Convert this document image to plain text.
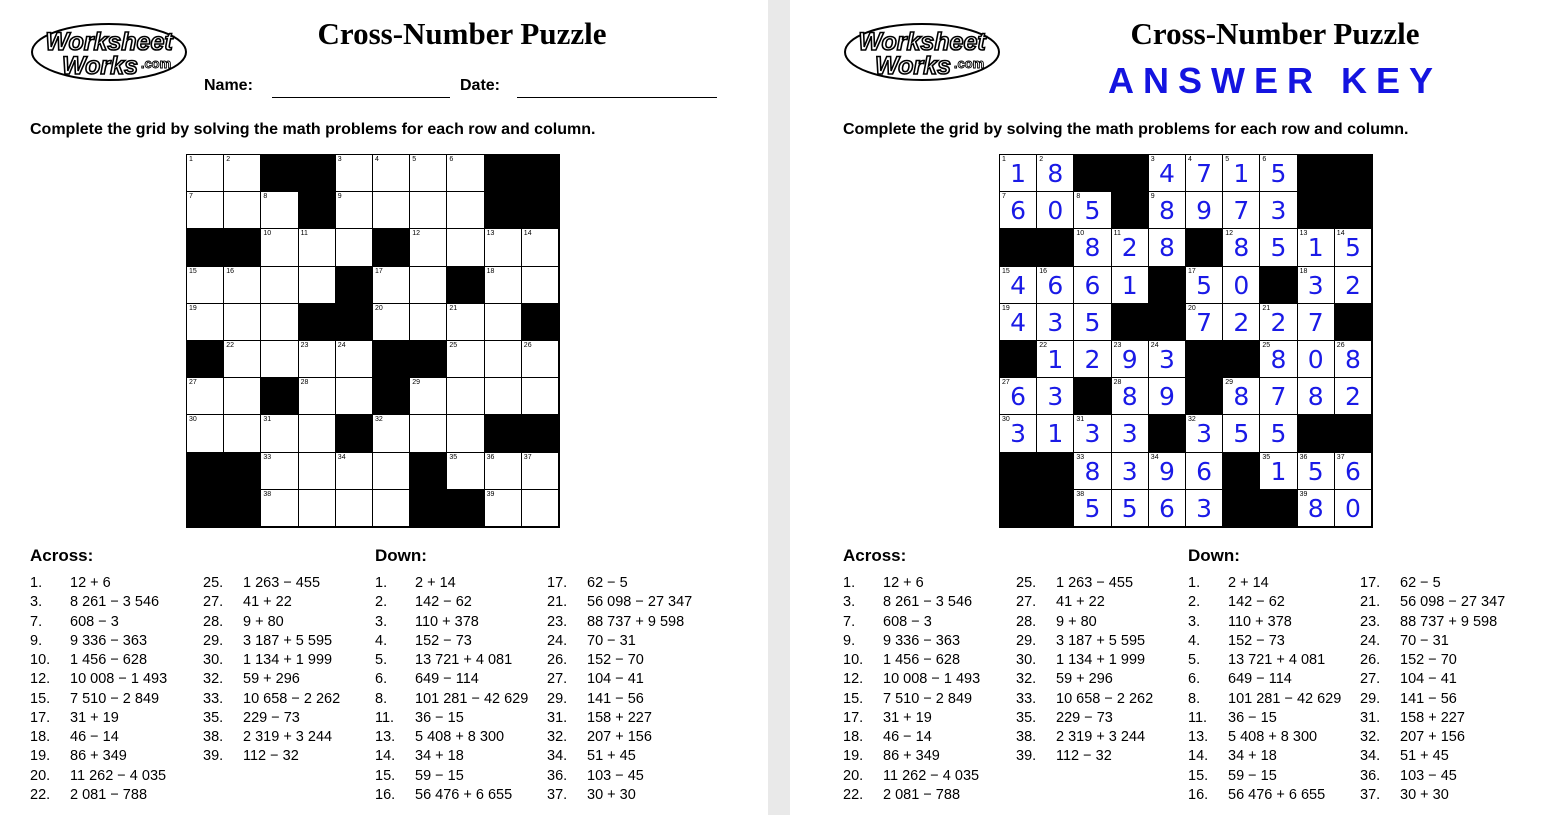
Worksheet
Works .com
Cross-Number Puzzle
Name:	Date:
Complete the grid by solving the math problems for each row and column.
1	2	3	4	5	6
7	8	9
10	11	12	13	14
15	16	17	18
19	20	21
22	23	24	25	26
27	28	29
30	31	32
33	34	35	36	37
38	39
Across:	Down:
1. 12 + 6
3. 8 261 − 3 546
7. 608 − 3
9. 9 336 − 363
10. 1 456 − 628
12. 10 008 − 1 493
15. 7 510 − 2 849
17. 31 + 19
18. 46 − 14
19. 86 + 349
20. 11 262 − 4 035
22. 2 081 − 788
25. 1 263 − 455
27. 41 + 22
28. 9 + 80
29. 3 187 + 5 595
30. 1 134 + 1 999
32. 59 + 296
33. 10 658 − 2 262
35. 229 − 73
38. 2 319 + 3 244
39. 112 − 32
1. 2 + 14
2. 142 − 62
3. 110 + 378
4. 152 − 73
5. 13 721 + 4 081
6. 649 − 114
8. 101 281 − 42 629
11. 36 − 15
13. 5 408 + 8 300
14. 34 + 18
15. 59 − 15
16. 56 476 + 6 655
17. 62 − 5
21. 56 098 − 27 347
23. 88 737 + 9 598
24. 70 − 31
26. 152 − 70
27. 104 − 41
29. 141 − 56
31. 158 + 227
32. 207 + 156
34. 51 + 45
36. 103 − 45
37. 30 + 30
Worksheet
Works .com
Cross-Number Puzzle
ANSWER KEY
Complete the grid by solving the math problems for each row and column.
1 1	2 8	3 4	4 7	5 1	6 5
7 6 0	8 5	9 8 9 7 3
10 8	11 2 8	12 8 5	13 1	14 5
15 4	16 6 6 1	17 5 0	18 3 2
19 4 3 5	20 7 2	21 2 7
22 1 2	23 9	24 3	25 8 0	26 8
27 6 3	28 8 9	29 8 7 8 2
30 3 1	31 3 3	32 3 5 5
33 8 3	34 9 6	35 1	36 5	37 6
38 5 5 6 3	39 8 0
Across:	Down:
1. 12 + 6
3. 8 261 − 3 546
7. 608 − 3
9. 9 336 − 363
10. 1 456 − 628
12. 10 008 − 1 493
15. 7 510 − 2 849
17. 31 + 19
18. 46 − 14
19. 86 + 349
20. 11 262 − 4 035
22. 2 081 − 788
25. 1 263 − 455
27. 41 + 22
28. 9 + 80
29. 3 187 + 5 595
30. 1 134 + 1 999
32. 59 + 296
33. 10 658 − 2 262
35. 229 − 73
38. 2 319 + 3 244
39. 112 − 32
1. 2 + 14
2. 142 − 62
3. 110 + 378
4. 152 − 73
5. 13 721 + 4 081
6. 649 − 114
8. 101 281 − 42 629
11. 36 − 15
13. 5 408 + 8 300
14. 34 + 18
15. 59 − 15
16. 56 476 + 6 655
17. 62 − 5
21. 56 098 − 27 347
23. 88 737 + 9 598
24. 70 − 31
26. 152 − 70
27. 104 − 41
29. 141 − 56
31. 158 + 227
32. 207 + 156
34. 51 + 45
36. 103 − 45
37. 30 + 30
